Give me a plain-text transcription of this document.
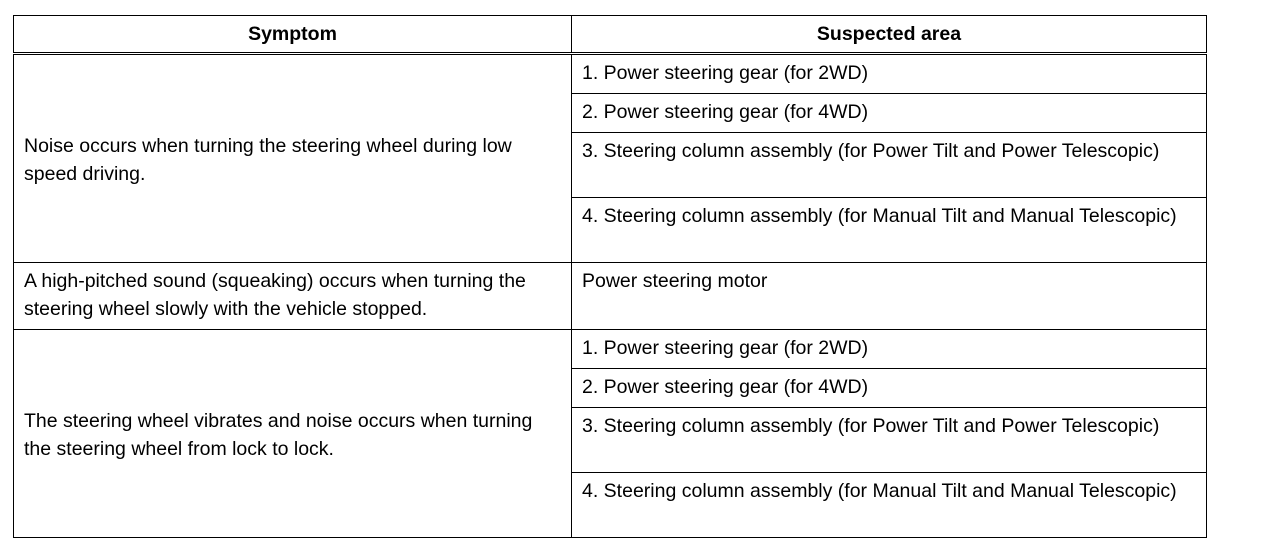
Symptom	Suspected area
Noise occurs when turning the steering wheel during low speed driving.	1. Power steering gear (for 2WD)
	2. Power steering gear (for 4WD)
	3. Steering column assembly (for Power Tilt and Power Telescopic)
	4. Steering column assembly (for Manual Tilt and Manual Telescopic)
A high-pitched sound (squeaking) occurs when turning the steering wheel slowly with the vehicle stopped.	Power steering motor
The steering wheel vibrates and noise occurs when turning the steering wheel from lock to lock.	1. Power steering gear (for 2WD)
	2. Power steering gear (for 4WD)
	3. Steering column assembly (for Power Tilt and Power Telescopic)
	4. Steering column assembly (for Manual Tilt and Manual Telescopic)
